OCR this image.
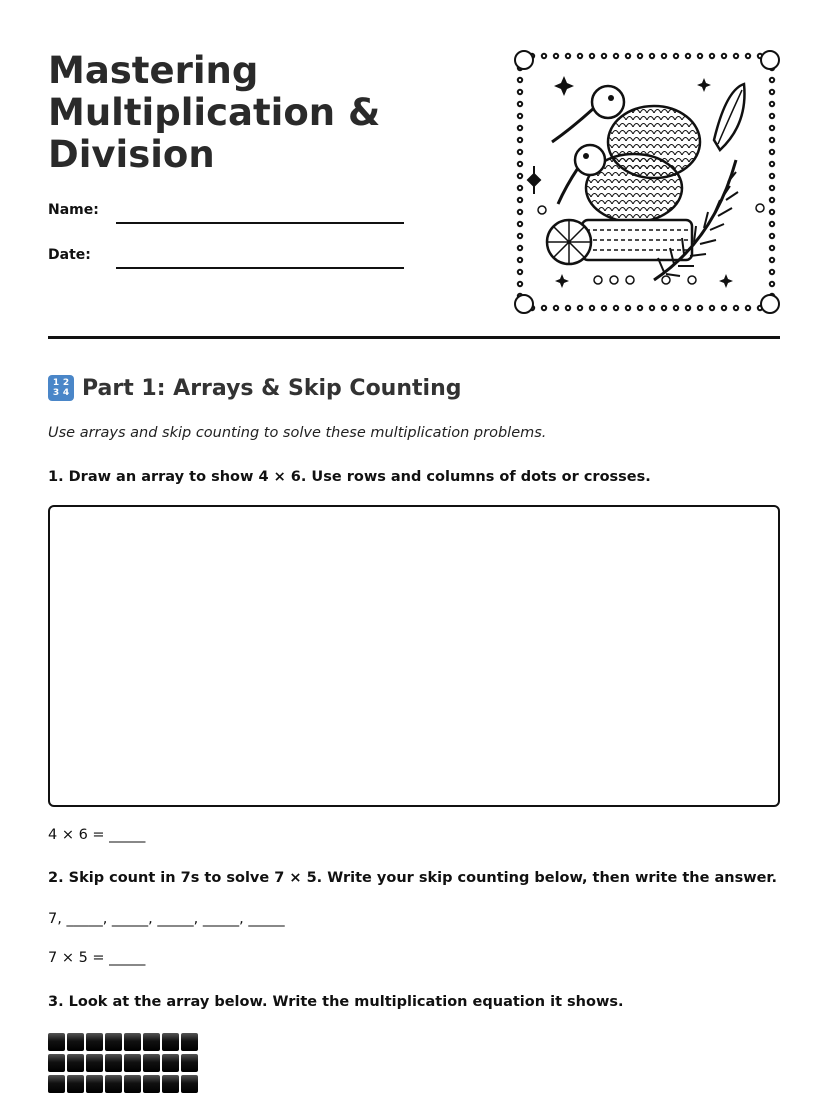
Mastering Multiplication & Division
Name:
Date:
1 2
3 4 Part 1: Arrays & Skip Counting
Use arrays and skip counting to solve these multiplication problems.
1. Draw an array to show 4 × 6. Use rows and columns of dots or crosses.
4 × 6 = _____
2. Skip count in 7s to solve 7 × 5. Write your skip counting below, then write the answer.
7, _____, _____, _____, _____, _____
7 × 5 = _____
3. Look at the array below. Write the multiplication equation it shows.
